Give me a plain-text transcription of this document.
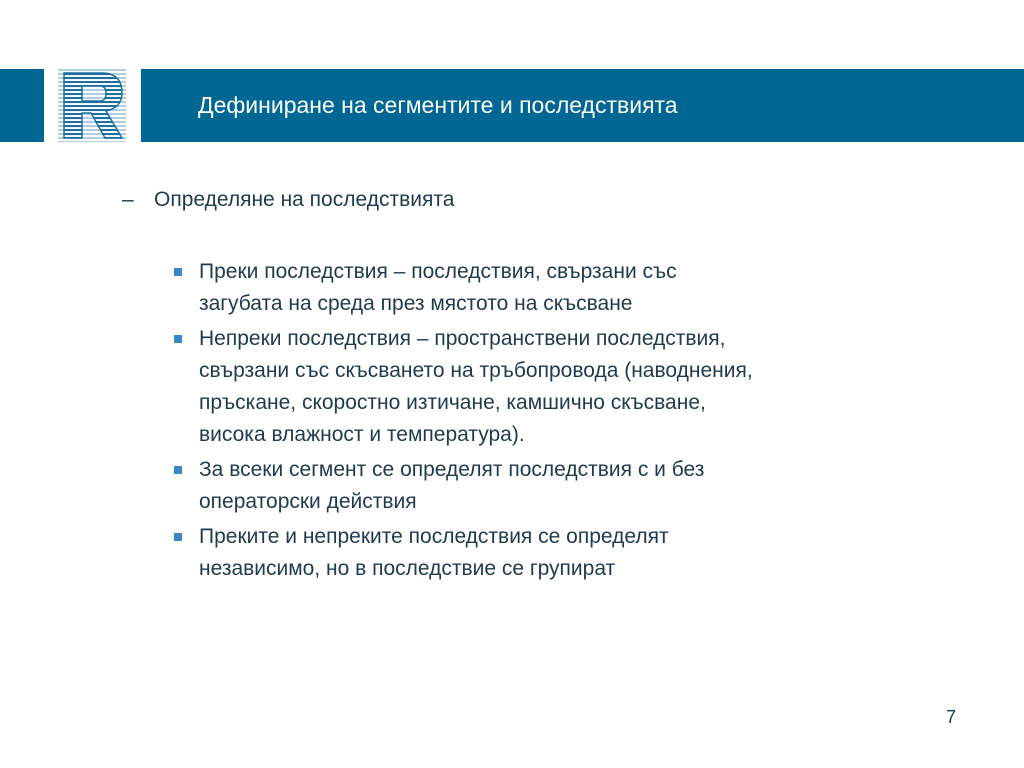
Дефиниране на сегментите и последствията
– Определяне на последствията
Преки последствия – последствия, свързани със
загубата на среда през мястото на скъсване
Непреки последствия – пространствени последствия,
свързани със скъсването на тръбопровода (наводнения,
пръскане, скоростно изтичане, камшично скъсване,
висока влажност и температура).
За всеки сегмент се определят последствия с и без
операторски действия
Преките и непреките последствия се определят
независимо, но в последствие се групират
7
